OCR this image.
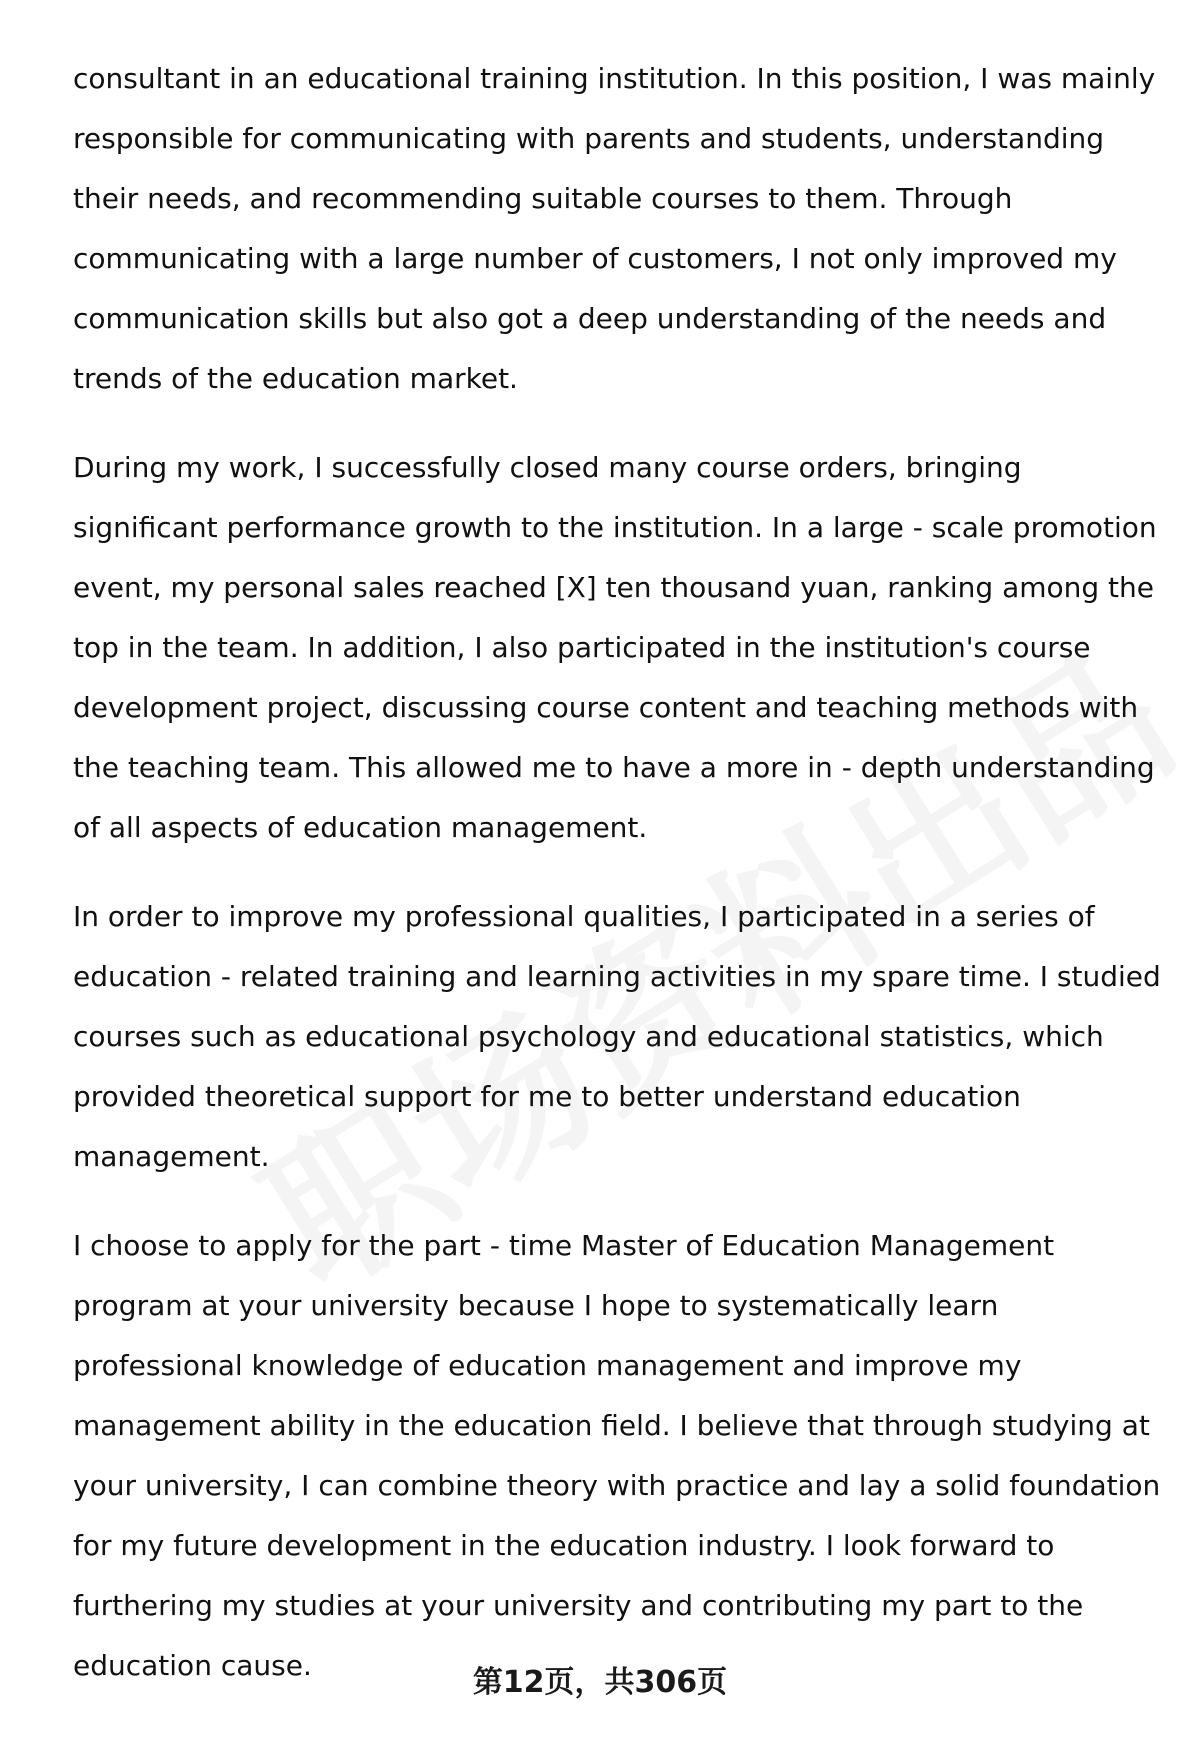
consultant in an educational training institution. In this position, I was mainly responsible for communicating with parents and students, understanding their needs, and recommending suitable courses to them. Through communicating with a large number of customers, I not only improved my communication skills but also got a deep understanding of the needs and trends of the education market.

During my work, I successfully closed many course orders, bringing significant performance growth to the institution. In a large - scale promotion event, my personal sales reached [X] ten thousand yuan, ranking among the top in the team. In addition, I also participated in the institution's course development project, discussing course content and teaching methods with the teaching team. This allowed me to have a more in - depth understanding of all aspects of education management.

In order to improve my professional qualities, I participated in a series of education - related training and learning activities in my spare time. I studied courses such as educational psychology and educational statistics, which provided theoretical support for me to better understand education management.

I choose to apply for the part - time Master of Education Management program at your university because I hope to systematically learn professional knowledge of education management and improve my management ability in the education field. I believe that through studying at your university, I can combine theory with practice and lay a solid foundation for my future development in the education industry. I look forward to furthering my studies at your university and contributing my part to the education cause.	第12页，共306页
